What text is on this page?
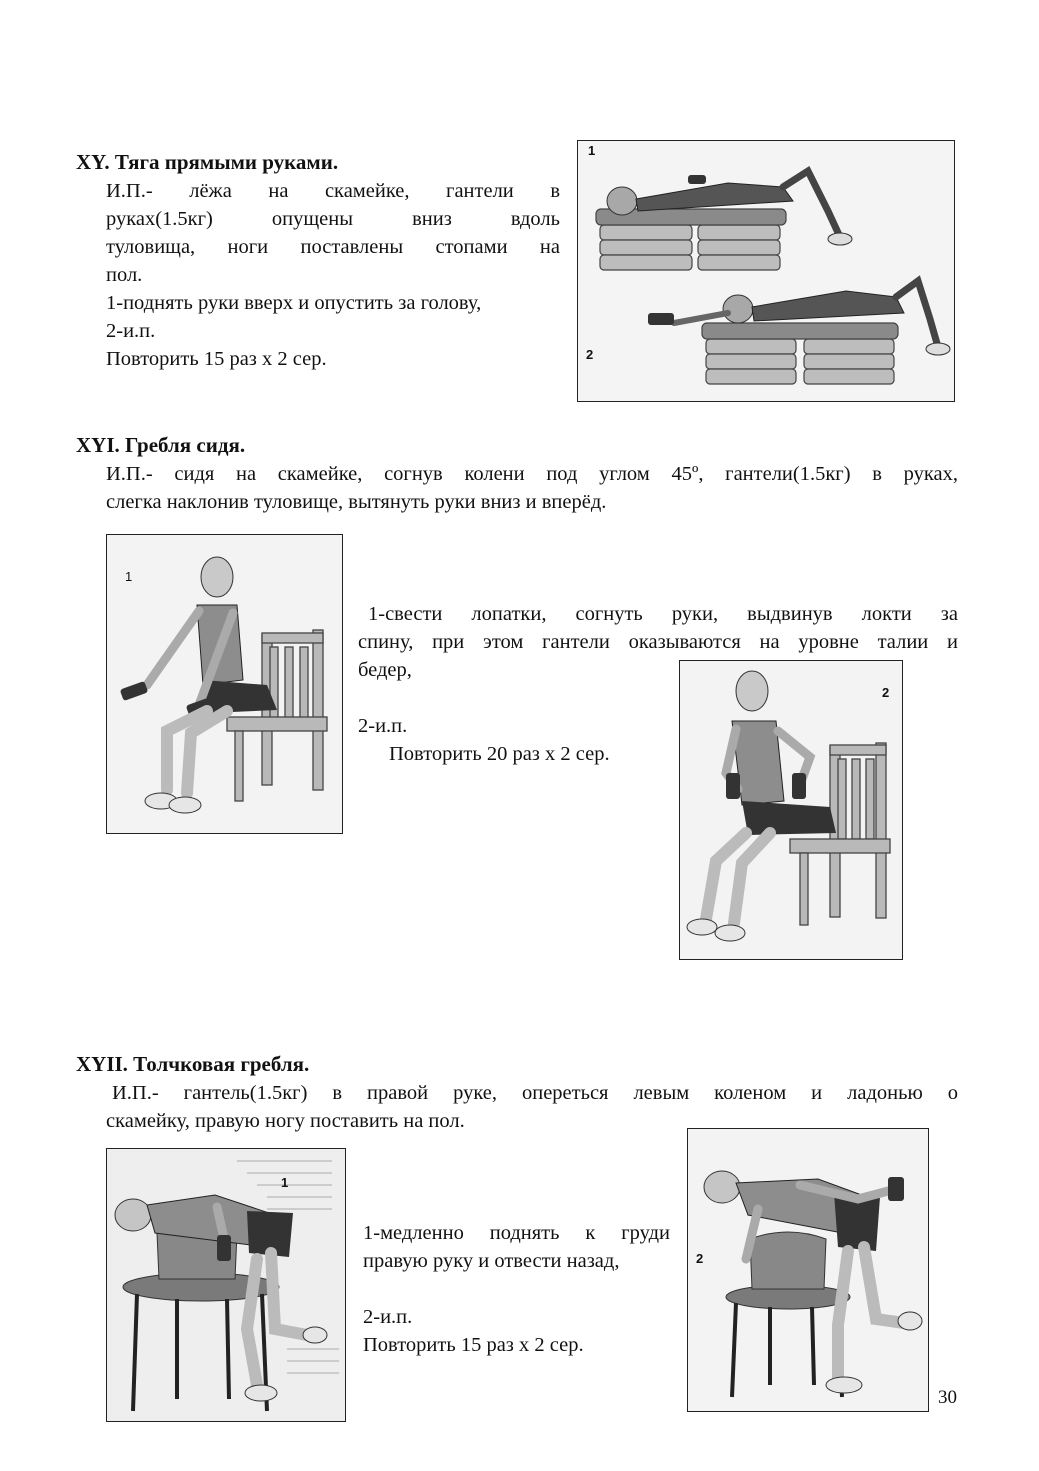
XY. Тяга прямыми руками.
И.П.- лёжа на скамейке, гантели в
руках(1.5кг) опущены вниз вдоль
туловища, ноги поставлены стопами на
пол.
1-поднять руки вверх и опустить за голову,
2-и.п.
Повторить 15 раз х 2 сер.
1
2
XYI. Гребля сидя.
И.П.- сидя на скамейке, согнув колени под углом 45º, гантели(1.5кг) в руках,
слегка наклонив туловище, вытянуть руки вниз и вперёд.
1
1-свести лопатки, согнуть руки, выдвинув локти за
спину, при этом гантели оказываются на уровне талии и
бедер,
2-и.п.
Повторить 20 раз х 2 сер.
2
XYII. Толчковая гребля.
И.П.- гантель(1.5кг) в правой руке, опереться левым коленом и ладонью о
скамейку, правую ногу поставить на пол.
1
1-медленно поднять к груди
правую руку и отвести назад,
2-и.п.
Повторить 15 раз х 2 сер.
2
30
